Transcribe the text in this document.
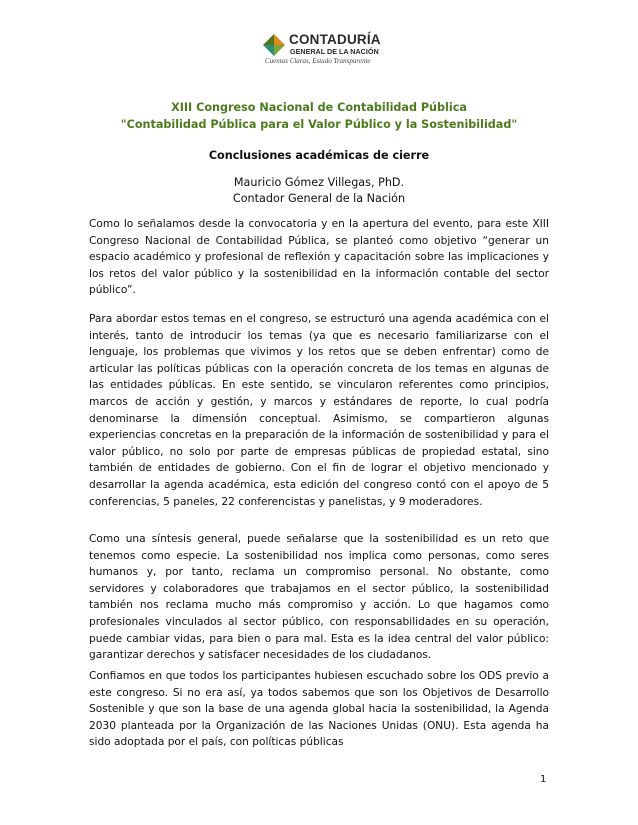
CONTADURÍA
GENERAL DE LA NACIÓN
Cuentas Claras, Estado Transparente
XIII Congreso Nacional de Contabilidad Pública
"Contabilidad Pública para el Valor Público y la Sostenibilidad"
Conclusiones académicas de cierre
Mauricio Gómez Villegas, PhD.
Contador General de la Nación

Como lo señalamos desde la convocatoria y en la apertura del evento, para este XIII Congreso Nacional de Contabilidad Pública, se planteó como objetivo “generar un espacio académico y profesional de reflexión y capacitación sobre las implicaciones y los retos del valor público y la sostenibilidad en la información contable del sector público”.

Para abordar estos temas en el congreso, se estructuró una agenda académica con el interés, tanto de introducir los temas (ya que es necesario familiarizarse con el lenguaje, los problemas que vivimos y los retos que se deben enfrentar) como de articular las políticas públicas con la operación concreta de los temas en algunas de las entidades públicas. En este sentido, se vincularon referentes como principios, marcos de acción y gestión, y marcos y estándares de reporte, lo cual podría denominarse la dimensión conceptual. Asimismo, se compartieron algunas experiencias concretas en la preparación de la información de sostenibilidad y para el valor público, no solo por parte de empresas públicas de propiedad estatal, sino también de entidades de gobierno. Con el fin de lograr el objetivo mencionado y desarrollar la agenda académica, esta edición del congreso contó con el apoyo de 5 conferencias, 5 paneles, 22 conferencistas y panelistas, y 9 moderadores.

Como una síntesis general, puede señalarse que la sostenibilidad es un reto que tenemos como especie. La sostenibilidad nos implica como personas, como seres humanos y, por tanto, reclama un compromiso personal. No obstante, como servidores y colaboradores que trabajamos en el sector público, la sostenibilidad también nos reclama mucho más compromiso y acción. Lo que hagamos como profesionales vinculados al sector público, con responsabilidades en su operación, puede cambiar vidas, para bien o para mal. Esta es la idea central del valor público: garantizar derechos y satisfacer necesidades de los ciudadanos.

Confiamos en que todos los participantes hubiesen escuchado sobre los ODS previo a este congreso. Si no era así, ya todos sabemos que son los Objetivos de Desarrollo Sostenible y que son la base de una agenda global hacia la sostenibilidad, la Agenda 2030 planteada por la Organización de las Naciones Unidas (ONU). Esta agenda ha sido adoptada por el país, con políticas públicas

1
